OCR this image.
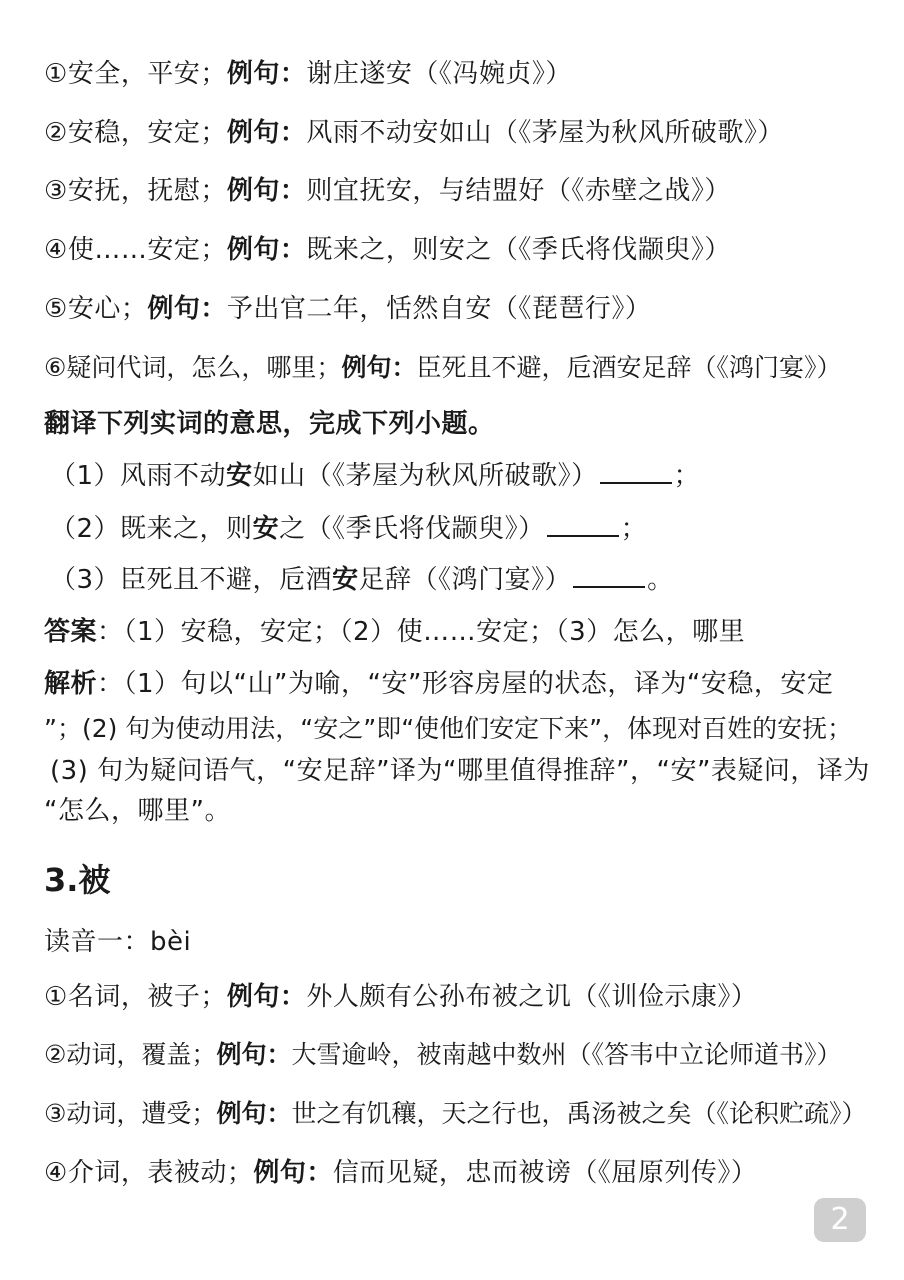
①安全，平安；例句：谢庄遂安（《冯婉贞》）
②安稳，安定；例句：风雨不动安如山（《茅屋为秋风所破歌》）
③安抚，抚慰；例句：则宜抚安，与结盟好（《赤壁之战》）
④使……安定；例句：既来之，则安之（《季氏将伐颛臾》）
⑤安心；例句：予出官二年，恬然自安（《琵琶行》）
⑥疑问代词，怎么，哪里；例句：臣死且不避，卮酒安足辞（《鸿门宴》）
翻译下列实词的意思，完成下列小题。
（1）风雨不动安如山（《茅屋为秋风所破歌》）	；
（2）既来之，则安之（《季氏将伐颛臾》）	；
（3）臣死且不避，卮酒安足辞（《鸿门宴》）	。
答案：（1）安稳，安定；（2）使……安定；（3）怎么，哪里
解析：（1）句以“山”为喻，“安”形容房屋的状态，译为“安稳，安定
”；(2) 句为使动用法，“安之”即“使他们安定下来”，体现对百姓的安抚；
(3) 句为疑问语气，“安足辞”译为“哪里值得推辞”，“安”表疑问，译为
“怎么，哪里”。
3.被
读音一：bèi
①名词，被子；例句：外人颇有公孙布被之讥（《训俭示康》）
②动词，覆盖；例句：大雪逾岭，被南越中数州（《答韦中立论师道书》）
③动词，遭受；例句：世之有饥穰，天之行也，禹汤被之矣（《论积贮疏》）
④介词，表被动；例句：信而见疑，忠而被谤（《屈原列传》）
2
